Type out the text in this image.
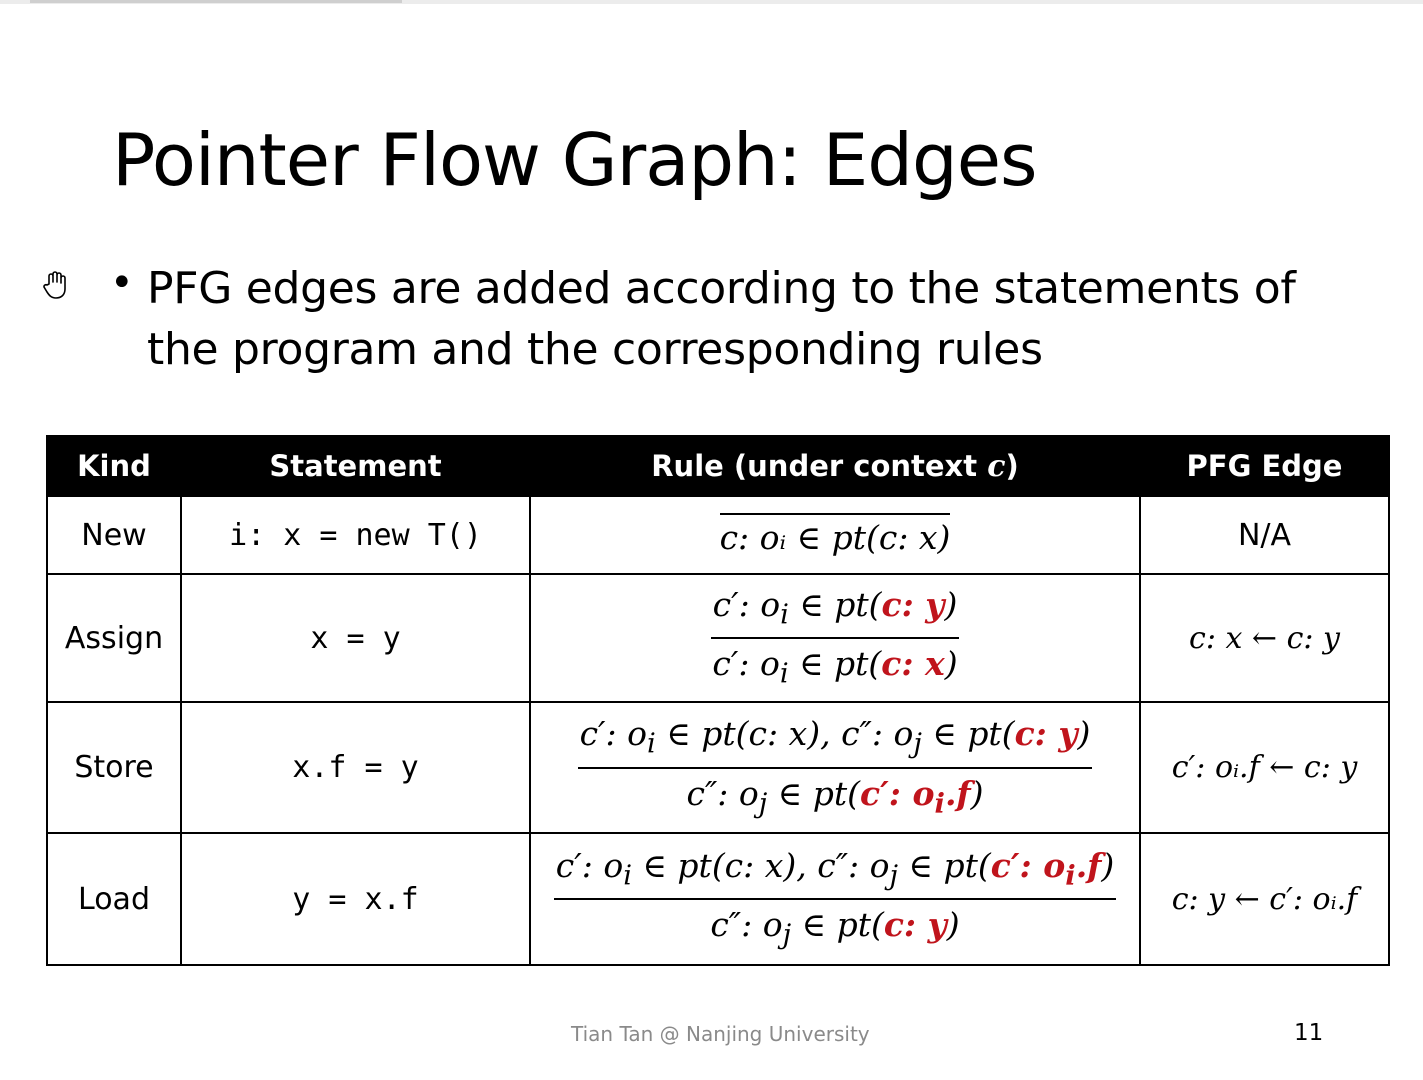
Pointer Flow Graph: Edges
• PFG edges are added according to the statements of the program and the corresponding rules

Kind	Statement	Rule (under context c)	PFG Edge
New	i: x = new T()	c: oᵢ ∈ pt(c: x)	N/A
Assign	x = y	$\frac{c': o_i \in pt(c: y)}{c': o_i \in pt(c: x)}$	c: x ← c: y
Store	x.f = y	$\frac{c': o_i \in pt(c: x), c'': o_j \in pt(c: y)}{c'': o_j \in pt(c': o_i.f)}$	c′: oᵢ.f ← c: y
Load	y = x.f	$\frac{c': o_i \in pt(c: x), c'': o_j \in pt(c': o_i.f)}{c'': o_j \in pt(c: y)}$	c: y ← c′: oᵢ.f
Tian Tan @ Nanjing University	11
